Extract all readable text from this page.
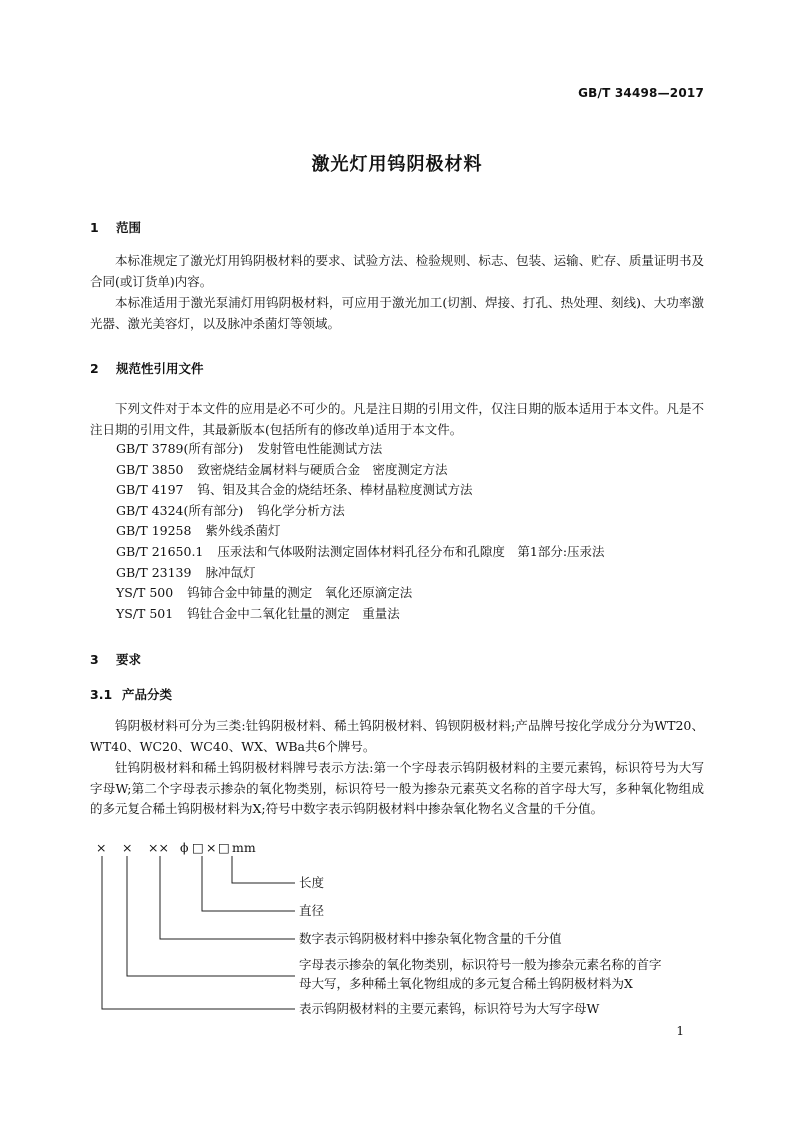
GB/T 34498—2017
激光灯用钨阴极材料
1 范围
本标准规定了激光灯用钨阴极材料的要求、试验方法、检验规则、标志、包装、运输、贮存、质量证明书及合同(或订货单)内容。
本标准适用于激光泵浦灯用钨阴极材料，可应用于激光加工(切割、焊接、打孔、热处理、刻线)、大功率激光器、激光美容灯，以及脉冲杀菌灯等领域。
2 规范性引用文件
下列文件对于本文件的应用是必不可少的。凡是注日期的引用文件，仅注日期的版本适用于本文件。凡是不注日期的引用文件，其最新版本(包括所有的修改单)适用于本文件。
GB/T 3789(所有部分) 发射管电性能测试方法
GB/T 3850 致密烧结金属材料与硬质合金　密度测定方法
GB/T 4197 钨、钼及其合金的烧结坯条、棒材晶粒度测试方法
GB/T 4324(所有部分) 钨化学分析方法
GB/T 19258 紫外线杀菌灯
GB/T 21650.1 压汞法和气体吸附法测定固体材料孔径分布和孔隙度　第1部分:压汞法
GB/T 23139 脉冲氙灯
YS/T 500 钨铈合金中铈量的测定　氧化还原滴定法
YS/T 501 钨钍合金中二氧化钍量的测定　重量法
3 要求
3.1 产品分类
钨阴极材料可分为三类:钍钨阴极材料、稀土钨阴极材料、钨钡阴极材料;产品牌号按化学成分分为WT20、WT40、WC20、WC40、WX、WBa共6个牌号。
钍钨阴极材料和稀土钨阴极材料牌号表示方法:第一个字母表示钨阴极材料的主要元素钨，标识符号为大写字母W;第二个字母表示掺杂的氧化物类别，标识符号一般为掺杂元素英文名称的首字母大写，多种氧化物组成的多元复合稀土钨阴极材料为X;符号中数字表示钨阴极材料中掺杂氧化物名义含量的千分值。
× × ×× ϕ □ × □ mm
长度
直径
数字表示钨阴极材料中掺杂氧化物含量的千分值
字母表示掺杂的氧化物类别，标识符号一般为掺杂元素名称的首字
母大写，多种稀土氧化物组成的多元复合稀土钨阴极材料为X
表示钨阴极材料的主要元素钨，标识符号为大写字母W
1
